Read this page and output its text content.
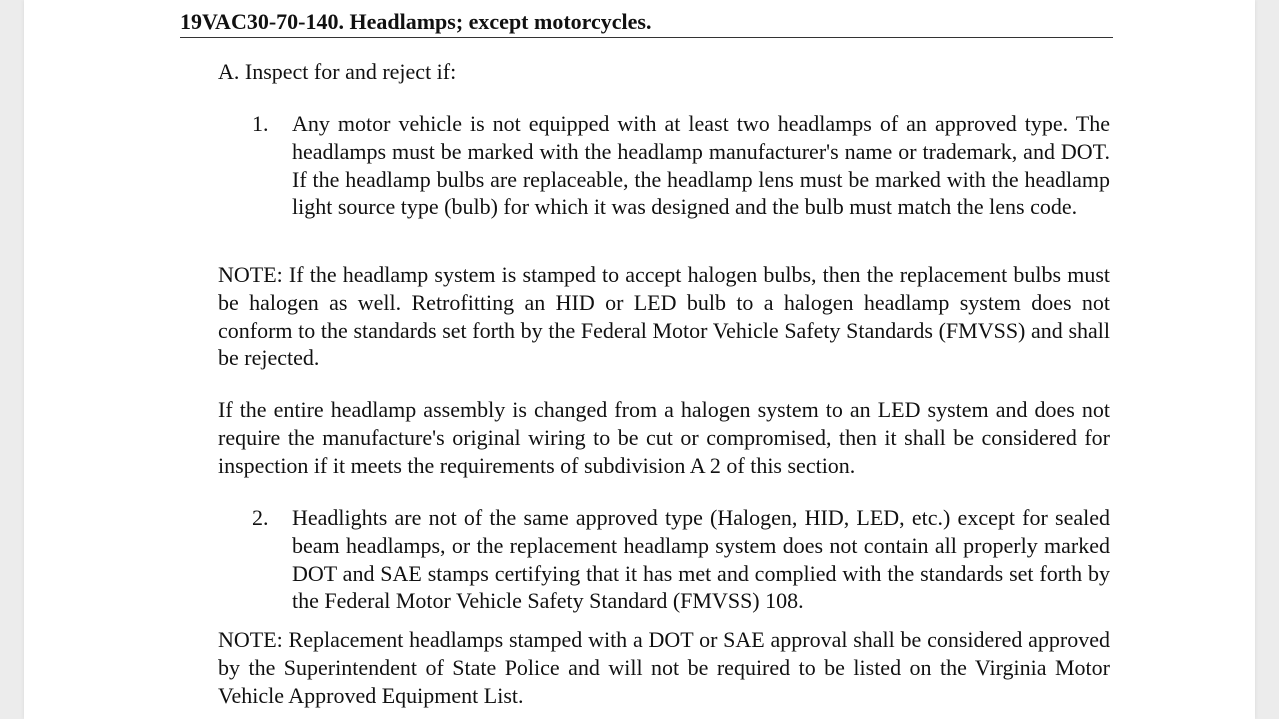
19VAC30-70-140. Headlamps; except motorcycles.
A. Inspect for and reject if:
1.	Any motor vehicle is not equipped with at least two headlamps of an approved type. The headlamps must be marked with the headlamp manufacturer's name or trademark, and DOT. If the headlamp bulbs are replaceable, the headlamp lens must be marked with the headlamp light source type (bulb) for which it was designed and the bulb must match the lens code.
NOTE: If the headlamp system is stamped to accept halogen bulbs, then the replacement bulbs must be halogen as well. Retrofitting an HID or LED bulb to a halogen headlamp system does not conform to the standards set forth by the Federal Motor Vehicle Safety Standards (FMVSS) and shall be rejected.
If the entire headlamp assembly is changed from a halogen system to an LED system and does not require the manufacture's original wiring to be cut or compromised, then it shall be considered for inspection if it meets the requirements of subdivision A 2 of this section.
2.	Headlights are not of the same approved type (Halogen, HID, LED, etc.) except for sealed beam headlamps, or the replacement headlamp system does not contain all properly marked DOT and SAE stamps certifying that it has met and complied with the standards set forth by the Federal Motor Vehicle Safety Standard (FMVSS) 108.
NOTE: Replacement headlamps stamped with a DOT or SAE approval shall be considered approved by the Superintendent of State Police and will not be required to be listed on the Virginia Motor Vehicle Approved Equipment List.
